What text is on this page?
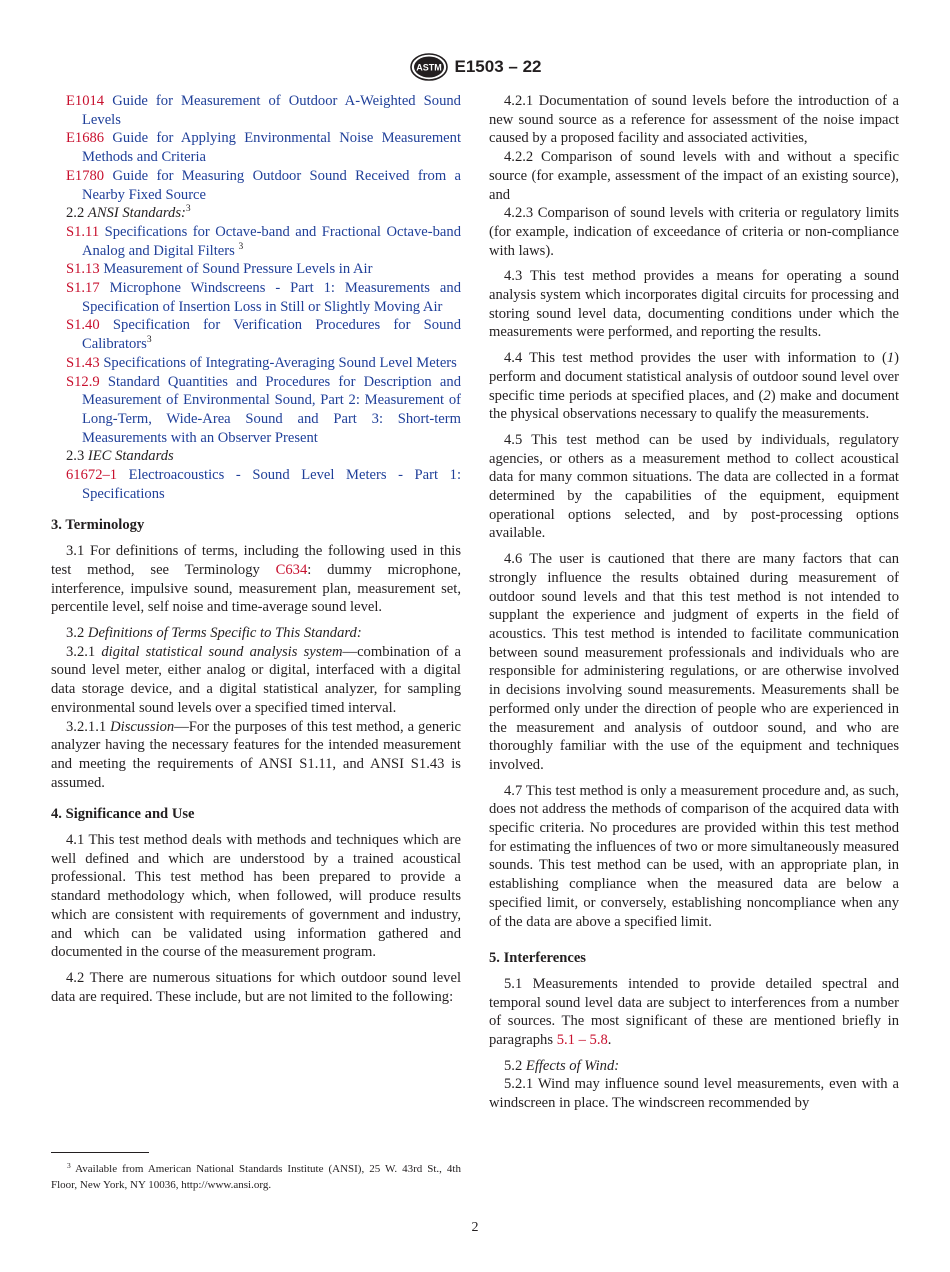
ASTM E1503 – 22

E1014 Guide for Measurement of Outdoor A-Weighted Sound Levels

E1686 Guide for Applying Environmental Noise Measurement Methods and Criteria

E1780 Guide for Measuring Outdoor Sound Received from a Nearby Fixed Source

2.2 ANSI Standards:$^3$

S1.11 Specifications for Octave-band and Fractional Octave-band Analog and Digital Filters $^3$

S1.13 Measurement of Sound Pressure Levels in Air

S1.17 Microphone Windscreens - Part 1: Measurements and Specification of Insertion Loss in Still or Slightly Moving Air

S1.40 Specification for Verification Procedures for Sound Calibrators$^3$

S1.43 Specifications of Integrating-Averaging Sound Level Meters

S12.9 Standard Quantities and Procedures for Description and Measurement of Environmental Sound, Part 2: Measurement of Long-Term, Wide-Area Sound and Part 3: Short-term Measurements with an Observer Present

2.3 IEC Standards

61672–1 Electroacoustics - Sound Level Meters - Part 1: Specifications

3. Terminology

3.1 For definitions of terms, including the following used in this test method, see Terminology C634: dummy microphone, interference, impulsive sound, measurement plan, measurement set, percentile level, self noise and time-average sound level.

3.2 Definitions of Terms Specific to This Standard:

3.2.1 digital statistical sound analysis system—combination of a sound level meter, either analog or digital, interfaced with a digital data storage device, and a digital statistical analyzer, for sampling environmental sound levels over a specified timed interval.

3.2.1.1 Discussion—For the purposes of this test method, a generic analyzer having the necessary features for the intended measurement and meeting the requirements of ANSI S1.11, and ANSI S1.43 is assumed.

4. Significance and Use

4.1 This test method deals with methods and techniques which are well defined and which are understood by a trained acoustical professional. This test method has been prepared to provide a standard methodology which, when followed, will produce results which are consistent with requirements of government and industry, and which can be validated using information gathered and documented in the course of the measurement program.

4.2 There are numerous situations for which outdoor sound level data are required. These include, but are not limited to the following:

$^3$ Available from American National Standards Institute (ANSI), 25 W. 43rd St., 4th Floor, New York, NY 10036, http://www.ansi.org.

4.2.1 Documentation of sound levels before the introduction of a new sound source as a reference for assessment of the noise impact caused by a proposed facility and associated activities,

4.2.2 Comparison of sound levels with and without a specific source (for example, assessment of the impact of an existing source), and

4.2.3 Comparison of sound levels with criteria or regulatory limits (for example, indication of exceedance of criteria or non-compliance with laws).

4.3 This test method provides a means for operating a sound analysis system which incorporates digital circuits for processing and storing sound level data, documenting conditions under which the measurements were performed, and reporting the results.

4.4 This test method provides the user with information to (1) perform and document statistical analysis of outdoor sound level over specific time periods at specified places, and (2) make and document the physical observations necessary to qualify the measurements.

4.5 This test method can be used by individuals, regulatory agencies, or others as a measurement method to collect acoustical data for many common situations. The data are collected in a format determined by the capabilities of the equipment, equipment operational options selected, and by post-processing options available.

4.6 The user is cautioned that there are many factors that can strongly influence the results obtained during measurement of outdoor sound levels and that this test method is not intended to supplant the experience and judgment of experts in the field of acoustics. This test method is intended to facilitate communication between sound measurement professionals and individuals who are responsible for administering regulations, or are otherwise involved in decisions involving sound measurements. Measurements shall be performed only under the direction of people who are experienced in the measurement and analysis of outdoor sound, and who are thoroughly familiar with the use of the equipment and techniques involved.

4.7 This test method is only a measurement procedure and, as such, does not address the methods of comparison of the acquired data with specific criteria. No procedures are provided within this test method for estimating the influences of two or more simultaneously measured sounds. This test method can be used, with an appropriate plan, in establishing compliance when the measured data are below a specified limit, or conversely, establishing noncompliance when any of the data are above a specified limit.

5. Interferences

5.1 Measurements intended to provide detailed spectral and temporal sound level data are subject to interferences from a number of sources. The most significant of these are mentioned briefly in paragraphs 5.1 – 5.8.

5.2 Effects of Wind:

5.2.1 Wind may influence sound level measurements, even with a windscreen in place. The windscreen recommended by

2
